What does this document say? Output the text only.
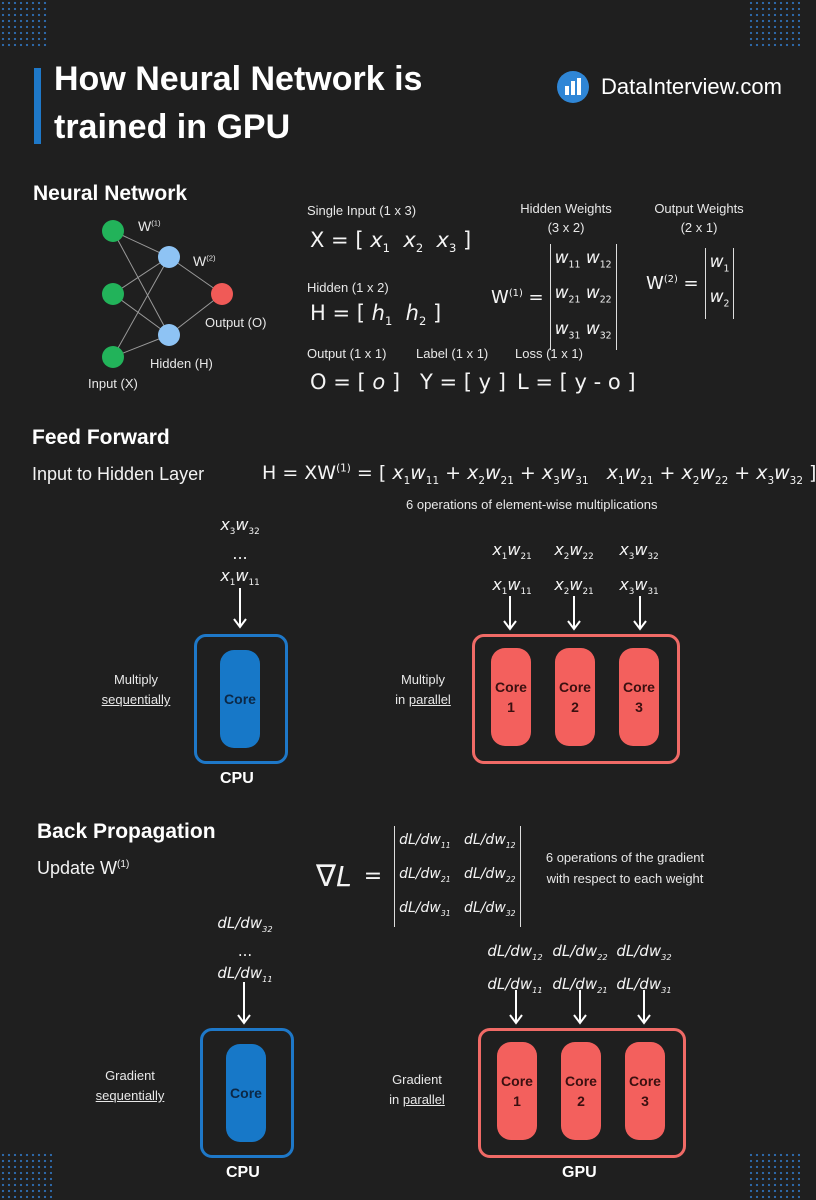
How Neural Network is
trained in GPU
DataInterview.com
Neural Network
$W^{(1)}$
$W^{(2)}$
Output (O)
Hidden (H)
Input (X)
Single Input (1 x 3)
X = [ $x_1$ $x_2$ $x_3$ ]
Hidden (1 x 2)
H = [ $h_1$ $h_2$ ]
Output (1 x 1) Label (1 x 1) Loss (1 x 1)
O = [ o ] Y = [ y ] L = [ y - o ]
Hidden Weights
(3 x 2)
$W^{(1)}$ =
$w_{11}$ $w_{12}$
$w_{21}$ $w_{22}$
$w_{31}$ $w_{32}$
Output Weights
(2 x 1)
$W^{(2)}$ =
$w_1$
$w_2$
Feed Forward
Input to Hidden Layer	$H = XW^{(1)}$ = [ $x_1w_{11} + x_2w_{21} + x_3w_{31}$ $x_1w_{21} + x_2w_{22} + x_3w_{32}$ ]
6 operations of element-wise multiplications
$x_3w_{32}$
...
$x_1w_{11}$
Multiply
sequentially	Core
CPU
$x_1w_{21}$
$x_1w_{11}$
$x_2w_{22}$
$x_2w_{21}$
$x_3w_{32}$
$x_3w_{31}$
Multiply
in parallel
Core
1
Core
2
Core
3
Back Propagation
Update $W^{(1)}$	∇ L =
$dL/dw_{11}$   $dL/dw_{12}$
$dL/dw_{21}$   $dL/dw_{22}$
$dL/dw_{31}$   $dL/dw_{32}$
6 operations of the gradient
with respect to each weight
$dL/dw_{32}$
...
$dL/dw_{11}$
Gradient
sequentially	Core
CPU
$dL/dw_{12}$
$dL/dw_{11}$
$dL/dw_{22}$
$dL/dw_{21}$
$dL/dw_{32}$
$dL/dw_{31}$
Gradient
in parallel
Core
1
Core
2
Core
3
GPU
